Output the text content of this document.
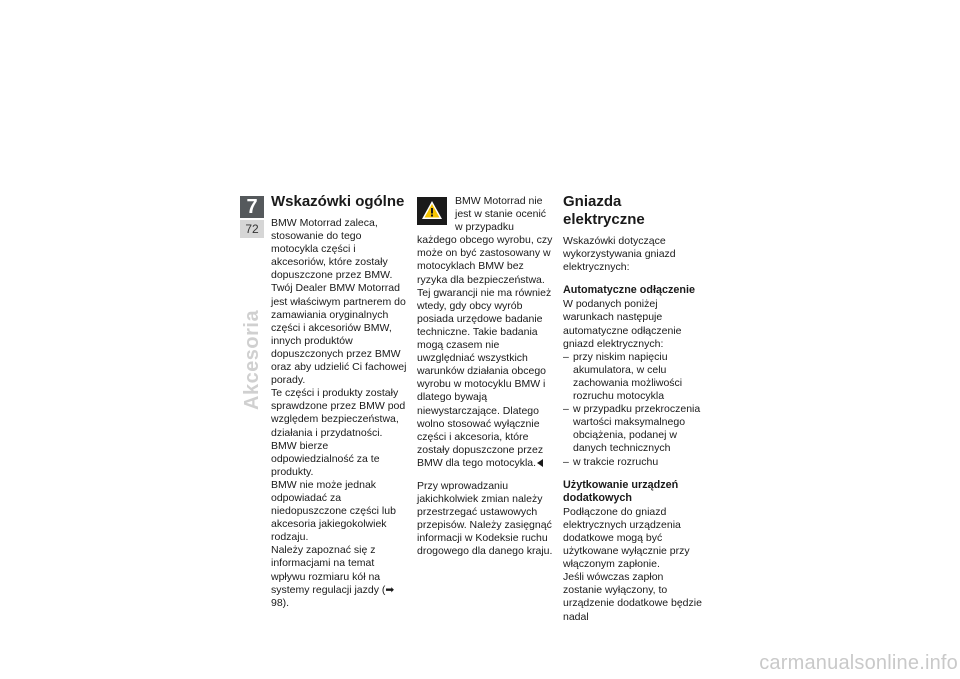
7
72
Akcesoria
Wskazówki ogólne

BMW Motorrad zaleca, stosowanie do tego motocykla części i akcesoriów, które zostały dopuszczone przez BMW.

Twój Dealer BMW Motorrad jest właściwym partnerem do zamawiania oryginalnych części i akcesoriów BMW, innych produktów dopuszczonych przez BMW oraz aby udzielić Ci fachowej porady.

Te części i produkty zostały sprawdzone przez BMW pod względem bezpieczeństwa, działania i przydatności. BMW bierze odpowiedzialność za te produkty.

BMW nie może jednak odpowiadać za niedopuszczone części lub akcesoria jakiegokolwiek rodzaju.

Należy zapoznać się z informacjami na temat wpływu rozmiaru kół na systemy regulacji jazdy (➡ 98).

BMW Motorrad nie jest w stanie ocenić w przypadku każdego obcego wyrobu, czy może on być zastosowany w motocyklach BMW bez ryzyka dla bezpieczeństwa. Tej gwarancji nie ma również wtedy, gdy obcy wyrób posiada urzędowe badanie techniczne. Takie badania mogą czasem nie uwzględniać wszystkich warunków działania obcego wyrobu w motocyklu BMW i dlatego bywają niewystarczające. Dlatego wolno stosować wyłącznie części i akcesoria, które zostały dopuszczone przez BMW dla tego motocykla.

Przy wprowadzaniu jakichkolwiek zmian należy przestrzegać ustawowych przepisów. Należy zasięgnąć informacji w Kodeksie ruchu drogowego dla danego kraju.

Gniazda elektryczne

Wskazówki dotyczące wykorzystywania gniazd elektrycznych:

Automatyczne odłączenie

W podanych poniżej warunkach następuje automatyczne odłączenie gniazd elektrycznych:

– przy niskim napięciu akumulatora, w celu zachowania możliwości rozruchu motocykla
– w przypadku przekroczenia wartości maksymalnego obciążenia, podanej w danych technicznych
– w trakcie rozruchu
Użytkowanie urządzeń dodatkowych

Podłączone do gniazd elektrycznych urządzenia dodatkowe mogą być użytkowane wyłącznie przy włączonym zapłonie.

Jeśli wówczas zapłon zostanie wyłączony, to urządzenie dodatkowe będzie nadal

carmanualsonline.info
